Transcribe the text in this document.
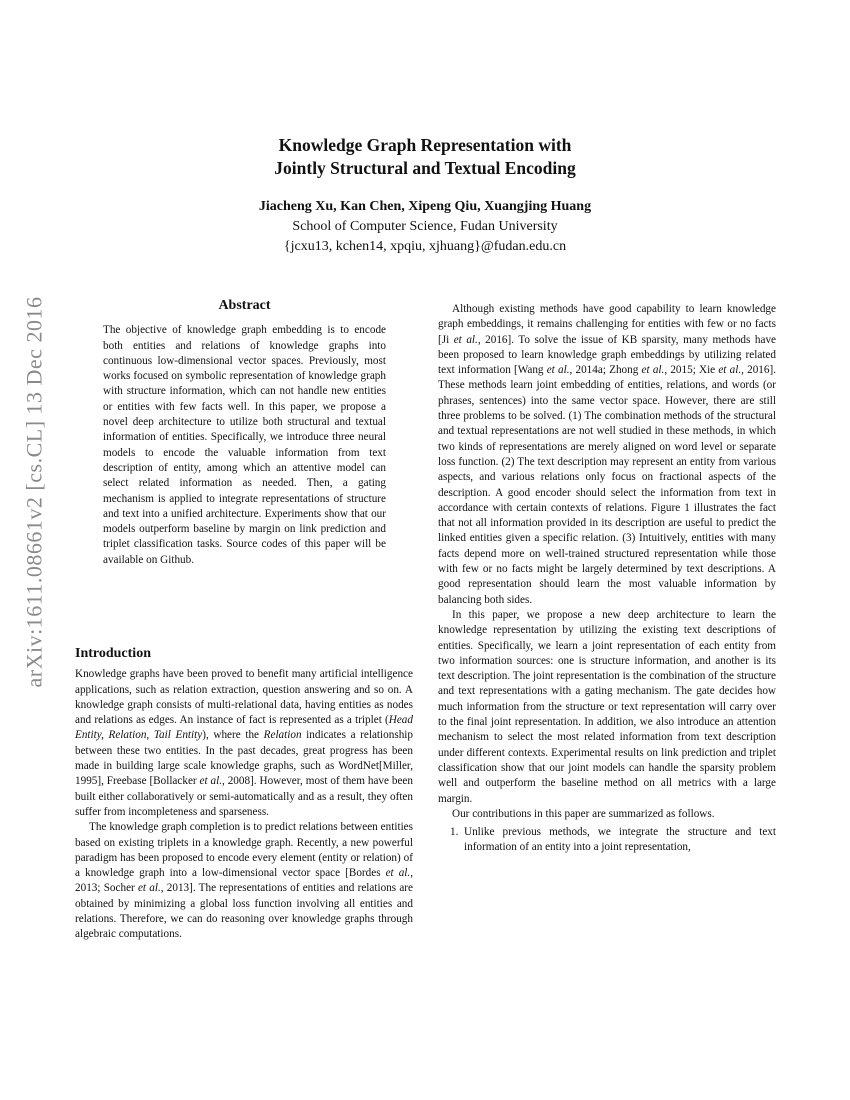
arXiv:1611.08661v2 [cs.CL] 13 Dec 2016
Knowledge Graph Representation with
Jointly Structural and Textual Encoding
Jiacheng Xu, Kan Chen, Xipeng Qiu, Xuangjing Huang
School of Computer Science, Fudan University
{jcxu13, kchen14, xpqiu, xjhuang}@fudan.edu.cn
Abstract

The objective of knowledge graph embedding is to encode both entities and relations of knowledge graphs into continuous low-dimensional vector spaces. Previously, most works focused on symbolic representation of knowledge graph with structure information, which can not handle new entities or entities with few facts well. In this paper, we propose a novel deep architecture to utilize both structural and textual information of entities. Specifically, we introduce three neural models to encode the valuable information from text description of entity, among which an attentive model can select related information as needed. Then, a gating mechanism is applied to integrate representations of structure and text into a unified architecture. Experiments show that our models outperform baseline by margin on link prediction and triplet classification tasks. Source codes of this paper will be available on Github.

Introduction

Knowledge graphs have been proved to benefit many artificial intelligence applications, such as relation extraction, question answering and so on. A knowledge graph consists of multi-relational data, having entities as nodes and relations as edges. An instance of fact is represented as a triplet (Head Entity, Relation, Tail Entity), where the Relation indicates a relationship between these two entities. In the past decades, great progress has been made in building large scale knowledge graphs, such as WordNet[Miller, 1995], Freebase [Bollacker et al., 2008]. However, most of them have been built either collaboratively or semi-automatically and as a result, they often suffer from incompleteness and sparseness.

The knowledge graph completion is to predict relations between entities based on existing triplets in a knowledge graph. Recently, a new powerful paradigm has been proposed to encode every element (entity or relation) of a knowledge graph into a low-dimensional vector space [Bordes et al., 2013; Socher et al., 2013]. The representations of entities and relations are obtained by minimizing a global loss function involving all entities and relations. Therefore, we can do reasoning over knowledge graphs through algebraic computations.

Although existing methods have good capability to learn knowledge graph embeddings, it remains challenging for entities with few or no facts [Ji et al., 2016]. To solve the issue of KB sparsity, many methods have been proposed to learn knowledge graph embeddings by utilizing related text information [Wang et al., 2014a; Zhong et al., 2015; Xie et al., 2016]. These methods learn joint embedding of entities, relations, and words (or phrases, sentences) into the same vector space. However, there are still three problems to be solved. (1) The combination methods of the structural and textual representations are not well studied in these methods, in which two kinds of representations are merely aligned on word level or separate loss function. (2) The text description may represent an entity from various aspects, and various relations only focus on fractional aspects of the description. A good encoder should select the information from text in accordance with certain contexts of relations. Figure 1 illustrates the fact that not all information provided in its description are useful to predict the linked entities given a specific relation. (3) Intuitively, entities with many facts depend more on well-trained structured representation while those with few or no facts might be largely determined by text descriptions. A good representation should learn the most valuable information by balancing both sides.

In this paper, we propose a new deep architecture to learn the knowledge representation by utilizing the existing text descriptions of entities. Specifically, we learn a joint representation of each entity from two information sources: one is structure information, and another is its text description. The joint representation is the combination of the structure and text representations with a gating mechanism. The gate decides how much information from the structure or text representation will carry over to the final joint representation. In addition, we also introduce an attention mechanism to select the most related information from text description under different contexts. Experimental results on link prediction and triplet classification show that our joint models can handle the sparsity problem well and outperform the baseline method on all metrics with a large margin.

Our contributions in this paper are summarized as follows.

1. Unlike previous methods, we integrate the structure and text information of an entity into a joint representation,
